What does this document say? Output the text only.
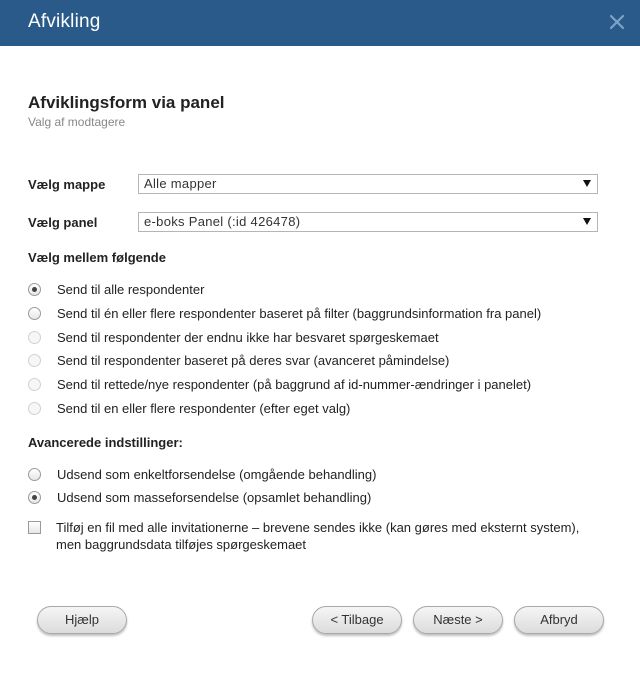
Afvikling
Afviklingsform via panel
Valg af modtagere
Vælg mappe	Alle mapper
Vælg panel	e-boks Panel (:id 426478)
Vælg mellem følgende
Send til alle respondenter
Send til én eller flere respondenter baseret på filter (baggrundsinformation fra panel)
Send til respondenter der endnu ikke har besvaret spørgeskemaet
Send til respondenter baseret på deres svar (avanceret påmindelse)
Send til rettede/nye respondenter (på baggrund af id-nummer-ændringer i panelet)
Send til en eller flere respondenter (efter eget valg)
Avancerede indstillinger:
Udsend som enkeltforsendelse (omgående behandling)
Udsend som masseforsendelse (opsamlet behandling)
Tilføj en fil med alle invitationerne – brevene sendes ikke (kan gøres med eksternt system),
men baggrundsdata tilføjes spørgeskemaet
Hjælp	< Tilbage	Næste >	Afbryd
